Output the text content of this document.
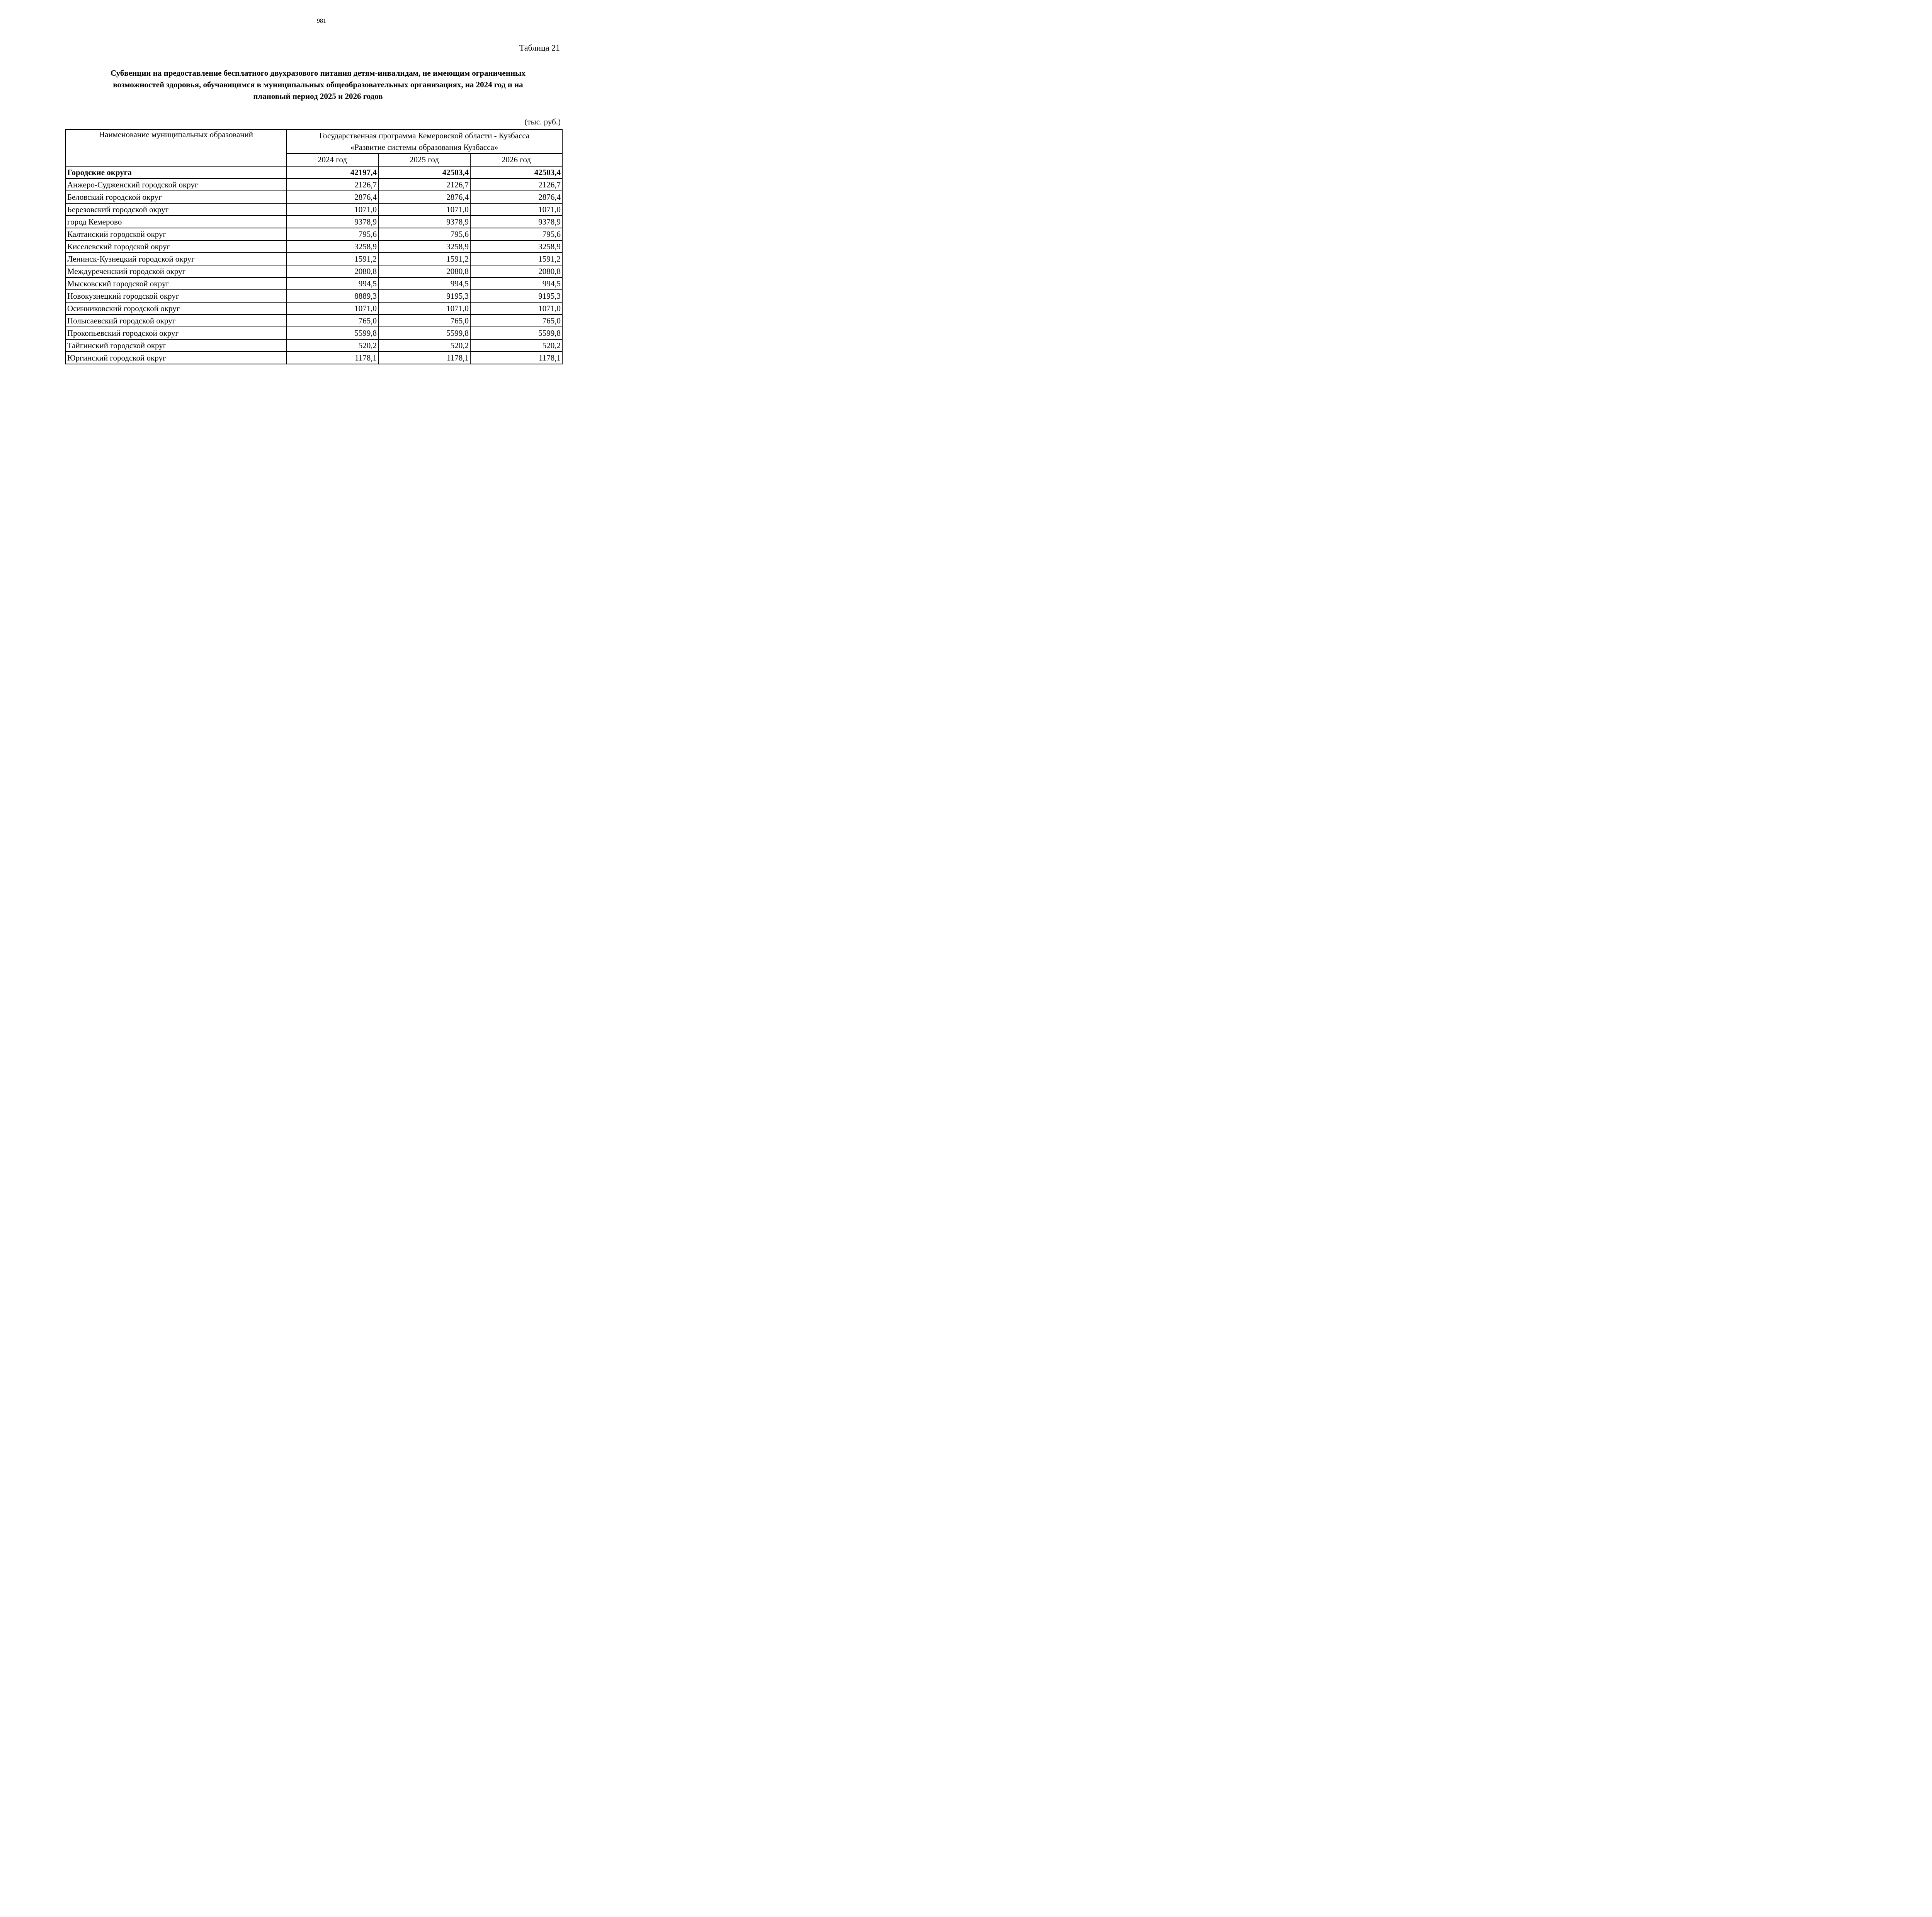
981
Таблица 21
Субвенции на предоставление бесплатного двухразового питания детям-инвалидам, не имеющим ограниченных
возможностей здоровья, обучающимся в муниципальных общеобразовательных организациях, на 2024 год и на
плановый период 2025 и 2026 годов
(тыс. руб.)
Наименование муниципальных образований	Государственная программа Кемеровской области - Кузбасса
«Развитие системы образования Кузбасса»		

	2024 год	2025 год	2026 год
Городские округа	42197,4	42503,4	42503,4
Анжеро-Судженский городской округ	2126,7	2126,7	2126,7
Беловский городской округ	2876,4	2876,4	2876,4
Березовский городской округ	1071,0	1071,0	1071,0
город Кемерово	9378,9	9378,9	9378,9
Калтанский городской округ	795,6	795,6	795,6
Киселевский городской округ	3258,9	3258,9	3258,9
Ленинск-Кузнецкий городской округ	1591,2	1591,2	1591,2
Междуреченский городской округ	2080,8	2080,8	2080,8
Мысковский городской округ	994,5	994,5	994,5
Новокузнецкий городской округ	8889,3	9195,3	9195,3
Осинниковский городской округ	1071,0	1071,0	1071,0
Полысаевский городской округ	765,0	765,0	765,0
Прокопьевский городской округ	5599,8	5599,8	5599,8
Тайгинский городской округ	520,2	520,2	520,2
Юргинский городской округ	1178,1	1178,1	1178,1
